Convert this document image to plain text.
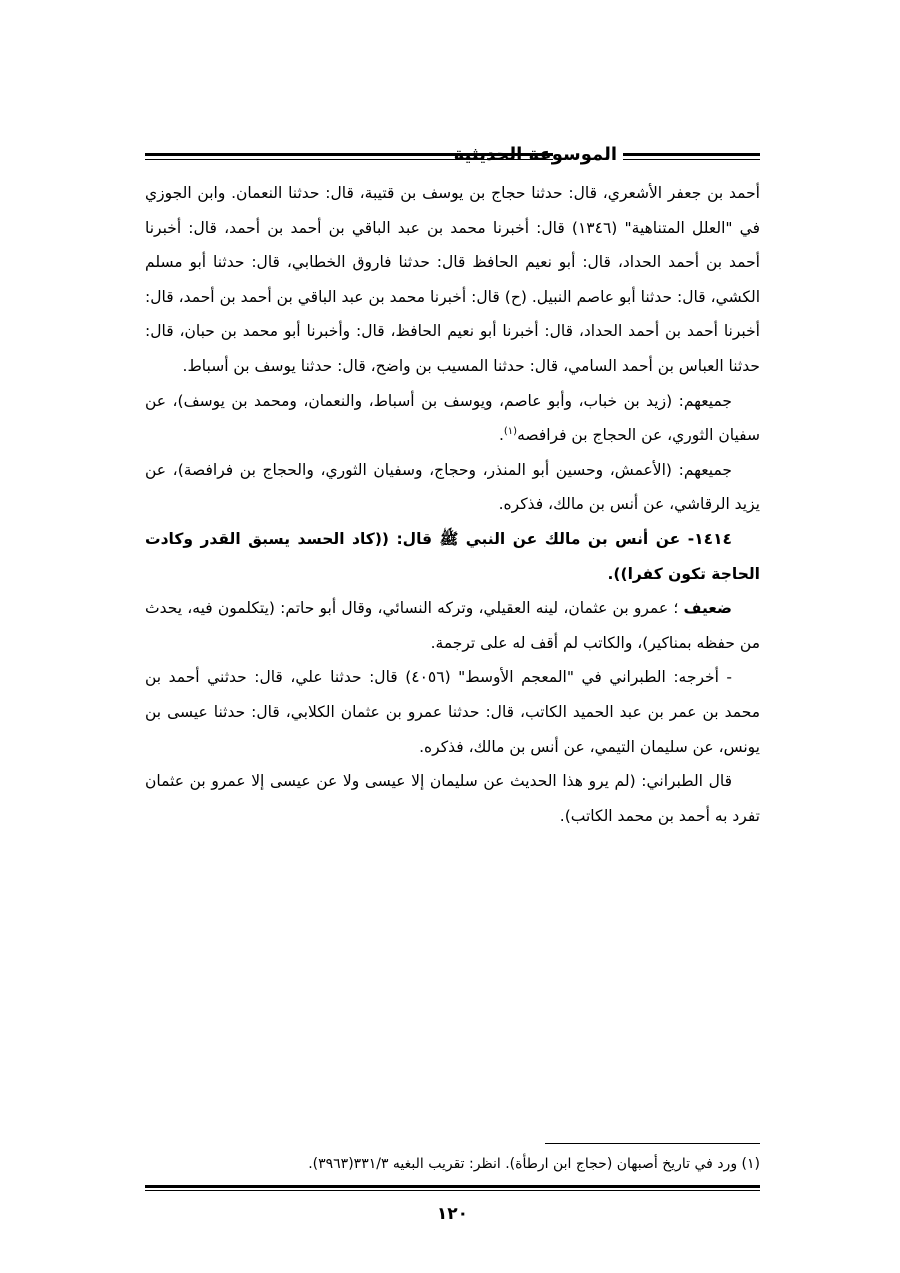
الموسوعة الحديثية

أحمد بن جعفر الأشعري، قال: حدثنا حجاج بن يوسف بن قتيبة، قال: حدثنا النعمان. وابن الجوزي في "العلل المتناهية" (١٣٤٦) قال: أخبرنا محمد بن عبد الباقي بن أحمد بن أحمد، قال: أخبرنا أحمد بن أحمد الحداد، قال: أبو نعيم الحافظ قال: حدثنا فاروق الخطابي، قال: حدثنا أبو مسلم الكشي، قال: حدثنا أبو عاصم النبيل. (ح) قال: أخبرنا محمد بن عبد الباقي بن أحمد بن أحمد، قال: أخبرنا أحمد بن أحمد الحداد، قال: أخبرنا أبو نعيم الحافظ، قال: وأخبرنا أبو محمد بن حبان، قال: حدثنا العباس بن أحمد السامي، قال: حدثنا المسيب بن واضح، قال: حدثنا يوسف بن أسباط.

جميعهم: (زيد بن خباب، وأبو عاصم، ويوسف بن أسباط، والنعمان، ومحمد بن يوسف)، عن سفيان الثوري، عن الحجاج بن فرافصه$^{(١)}$.

جميعهم: (الأعمش، وحسين أبو المنذر، وحجاج، وسفيان الثوري، والحجاج بن فرافصة)، عن يزيد الرقاشي، عن أنس بن مالك، فذكره.

١٤١٤- عن أنس بن مالك عن النبي ﷺ قال: ((كاد الحسد يسبق القدر وكادت الحاجة تكون كفرا)).

ضعيف ؛ عمرو بن عثمان، لينه العقيلي، وتركه النسائي، وقال أبو حاتم: (يتكلمون فيه، يحدث من حفظه بمناكير)، والكاتب لم أقف له على ترجمة.

- أخرجه: الطبراني في "المعجم الأوسط" (٤٠٥٦) قال: حدثنا علي، قال: حدثني أحمد بن محمد بن عمر بن عبد الحميد الكاتب، قال: حدثنا عمرو بن عثمان الكلابي، قال: حدثنا عيسى بن يونس، عن سليمان التيمي، عن أنس بن مالك، فذكره.

قال الطبراني: (لم يرو هذا الحديث عن سليمان إلا عيسى ولا عن عيسى إلا عمرو بن عثمان تفرد به أحمد بن محمد الكاتب).

(١) ورد في تاريخ أصبهان (حجاج ابن ارطأة). انظر: تقريب البغيه ٣٣١/٣(٣٩٦٣).
١٢٠
